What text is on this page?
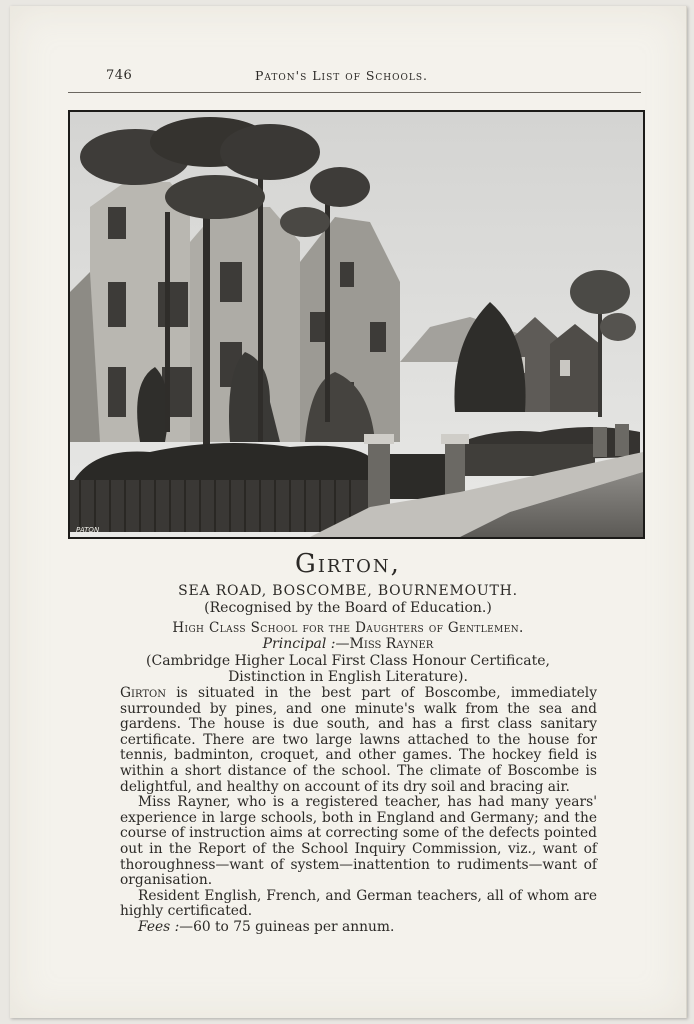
746	Paton's List of Schools.
PATON
Girton,
SEA ROAD, BOSCOMBE, BOURNEMOUTH.
(Recognised by the Board of Education.)
High Class School for the Daughters of Gentlemen.
Principal :—Miss Rayner
(Cambridge Higher Local First Class Honour Certificate,
Distinction in English Literature).

Girton is situated in the best part of Boscombe, immediately surrounded by pines, and one minute's walk from the sea and gardens. The house is due south, and has a first class sanitary certificate. There are two large lawns attached to the house for tennis, badminton, croquet, and other games. The hockey field is within a short distance of the school. The climate of Boscombe is delightful, and healthy on account of its dry soil and bracing air.

Miss Rayner, who is a registered teacher, has had many years' experience in large schools, both in England and Germany; and the course of instruction aims at correcting some of the defects pointed out in the Report of the School Inquiry Commission, viz., want of thoroughness—want of system—inattention to rudiments—want of organisation.

Resident English, French, and German teachers, all of whom are highly certificated.

Fees :—60 to 75 guineas per annum.
